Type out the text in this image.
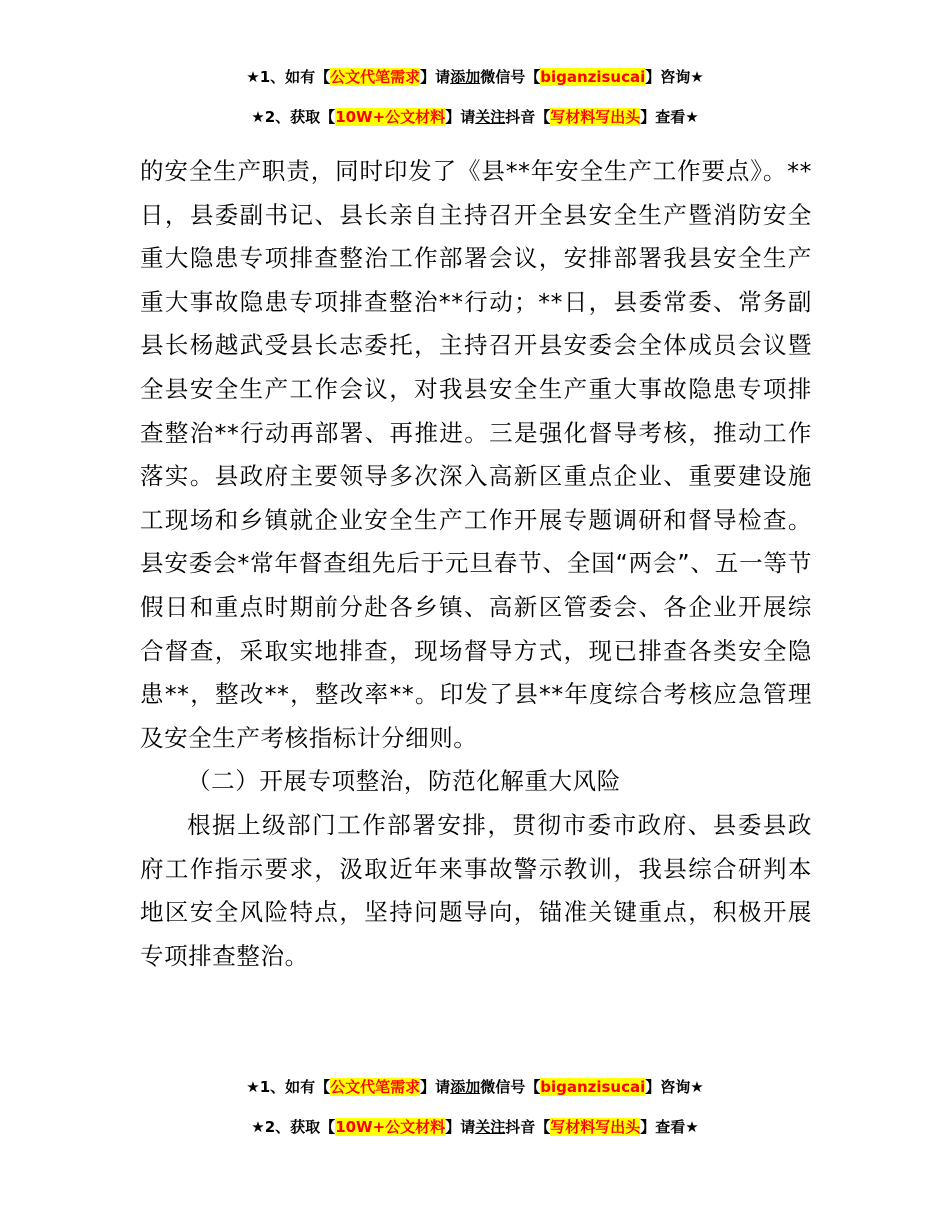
★1、如有【公文代笔需求】请添加微信号【biganzisucai】咨询★
★2、获取【10W+公文材料】请关注抖音【写材料写出头】查看★

的安全生产职责，同时印发了《县**年安全生产工作要点》。**日，县委副书记、县长亲自主持召开全县安全生产暨消防安全重大隐患专项排查整治工作部署会议，安排部署我县安全生产重大事故隐患专项排查整治**行动；**日，县委常委、常务副县长杨越武受县长志委托，主持召开县安委会全体成员会议暨全县安全生产工作会议，对我县安全生产重大事故隐患专项排查整治**行动再部署、再推进。三是强化督导考核，推动工作落实。县政府主要领导多次深入高新区重点企业、重要建设施工现场和乡镇就企业安全生产工作开展专题调研和督导检查。县安委会*常年督查组先后于元旦春节、全国“两会”、五一等节假日和重点时期前分赴各乡镇、高新区管委会、各企业开展综合督查，采取实地排查，现场督导方式，现已排查各类安全隐患**，整改**，整改率**。印发了县**年度综合考核应急管理及安全生产考核指标计分细则。

（二）开展专项整治，防范化解重大风险

根据上级部门工作部署安排，贯彻市委市政府、县委县政府工作指示要求，汲取近年来事故警示教训，我县综合研判本地区安全风险特点，坚持问题导向，锚准关键重点，积极开展专项排查整治。

★1、如有【公文代笔需求】请添加微信号【biganzisucai】咨询★
★2、获取【10W+公文材料】请关注抖音【写材料写出头】查看★
